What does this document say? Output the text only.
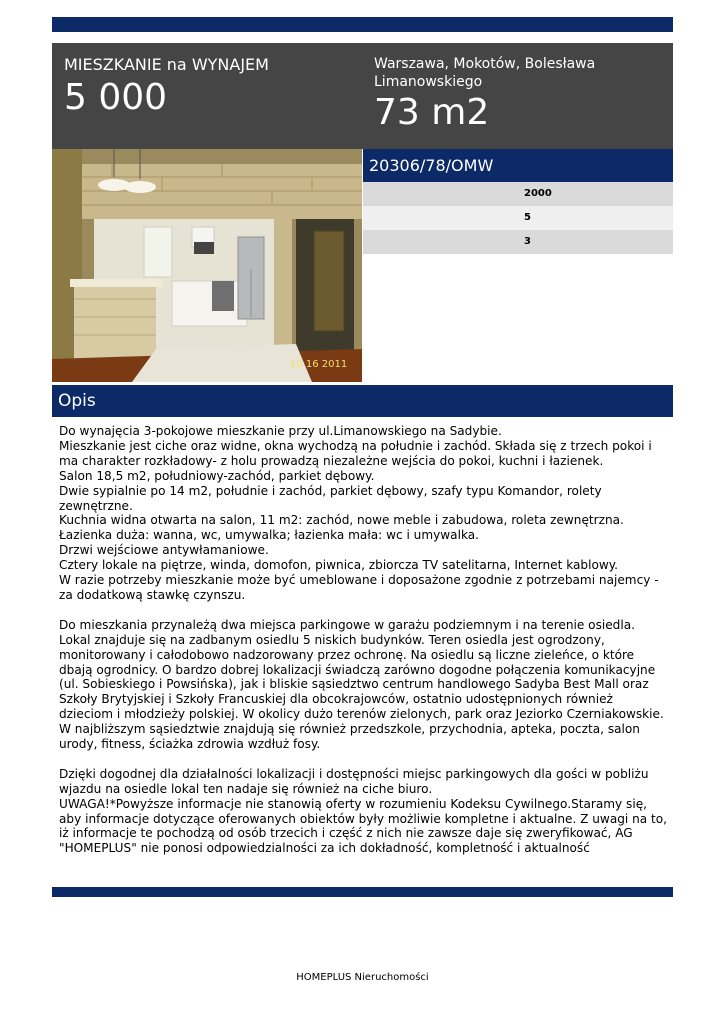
MIESZKANIE na WYNAJEM
5 000
Warszawa, Mokotów, Bolesława Limanowskiego
73 m2
10 16 2011
20306/78/OMW
2000
5
3
Opis
Do wynajęcia 3-pokojowe mieszkanie przy ul.Limanowskiego na Sadybie.
Mieszkanie jest ciche oraz widne, okna wychodzą na południe i zachód. Składa się z trzech pokoi i ma charakter rozkładowy- z holu prowadzą niezależne wejścia do pokoi, kuchni i łazienek.
Salon 18,5 m2, południowy-zachód, parkiet dębowy.
Dwie sypialnie po 14 m2, południe i zachód, parkiet dębowy, szafy typu Komandor, rolety zewnętrzne.
Kuchnia widna otwarta na salon, 11 m2: zachód, nowe meble i zabudowa, roleta zewnętrzna.
Łazienka duża: wanna, wc, umywalka; łazienka mała: wc i umywalka.
Drzwi wejściowe antywłamaniowe.
Cztery lokale na piętrze, winda, domofon, piwnica, zbiorcza TV satelitarna, Internet kablowy.
W razie potrzeby mieszkanie może być umeblowane i doposażone zgodnie z potrzebami najemcy - za dodatkową stawkę czynszu.

Do mieszkania przynależą dwa miejsca parkingowe w garażu podziemnym i na terenie osiedla.
Lokal znajduje się na zadbanym osiedlu 5 niskich budynków. Teren osiedla jest ogrodzony, monitorowany i całodobowo nadzorowany przez ochronę. Na osiedlu są liczne zieleńce, o które dbają ogrodnicy. O bardzo dobrej lokalizacji świadczą zarówno dogodne połączenia komunikacyjne (ul. Sobieskiego i Powsińska), jak i bliskie sąsiedztwo centrum handlowego Sadyba Best Mall oraz Szkoły Brytyjskiej i Szkoły Francuskiej dla obcokrajowców, ostatnio udostępnionych również dzieciom i młodzieży polskiej. W okolicy dużo terenów zielonych, park oraz Jeziorko Czerniakowskie.
W najbliższym sąsiedztwie znajdują się również przedszkole, przychodnia, apteka, poczta, salon urody, fitness, ściażka zdrowia wzdłuż fosy.

Dzięki dogodnej dla działalności lokalizacji i dostępności miejsc parkingowych dla gości w pobliżu wjazdu na osiedle lokal ten nadaje się również na ciche biuro.
UWAGA!*Powyższe informacje nie stanowią oferty w rozumieniu Kodeksu Cywilnego.Staramy się, aby informacje dotyczące oferowanych obiektów były możliwie kompletne i aktualne. Z uwagi na to, iż informacje te pochodzą od osób trzecich i część z nich nie zawsze daje się zweryfikować, AG "HOMEPLUS" nie ponosi odpowiedzialności za ich dokładność, kompletność i aktualność
HOMEPLUS Nieruchomości
